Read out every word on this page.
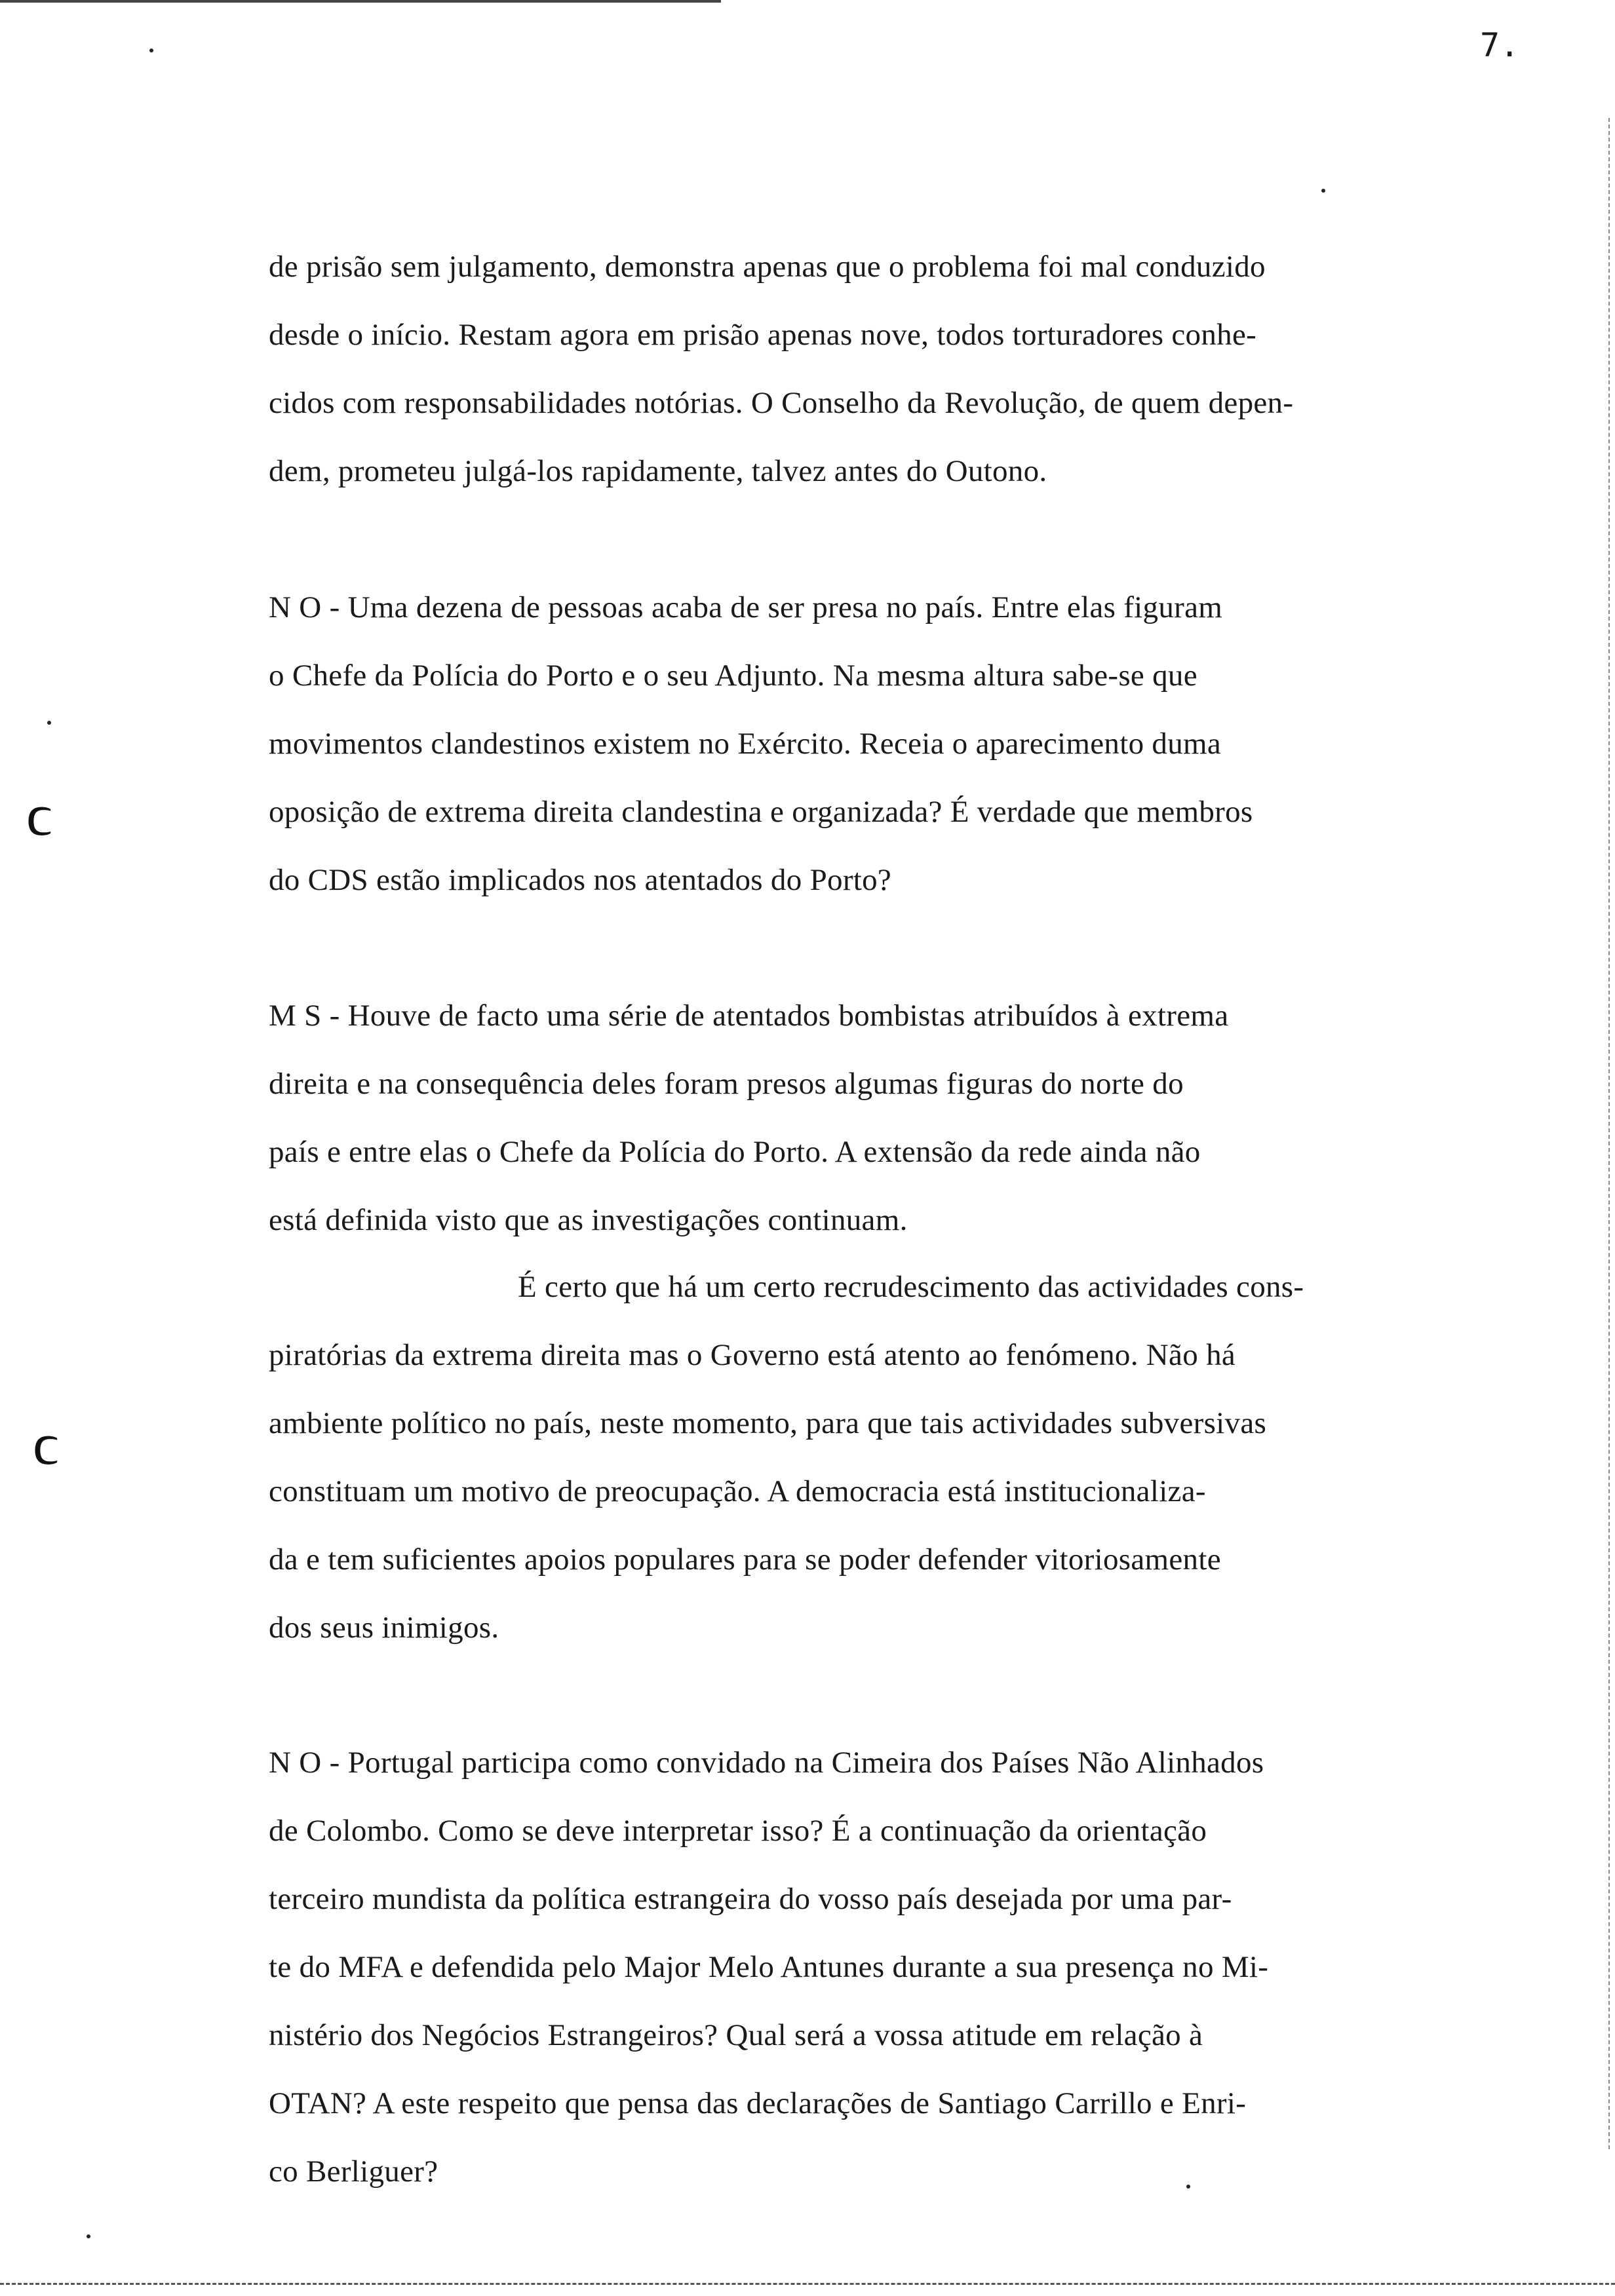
7.
ϲ
ϲ
de prisão sem julgamento, demonstra apenas que o problema foi mal conduzido
desde o início. Restam agora em prisão apenas nove, todos torturadores conhe-
cidos com responsabilidades notórias. O Conselho da Revolução, de quem depen-
dem, prometeu julgá-los rapidamente, talvez antes do Outono.
N O - Uma dezena de pessoas acaba de ser presa no país. Entre elas figuram
o Chefe da Polícia do Porto e o seu Adjunto. Na mesma altura sabe-se que
movimentos clandestinos existem no Exército. Receia o aparecimento duma
oposição de extrema direita clandestina e organizada? É verdade que membros
do CDS estão implicados nos atentados do Porto?
M S - Houve de facto uma série de atentados bombistas atribuídos à extrema
direita e na consequência deles foram presos algumas figuras do norte do
país e entre elas o Chefe da Polícia do Porto. A extensão da rede ainda não
está definida visto que as investigações continuam.
É certo que há um certo recrudescimento das actividades cons-
piratórias da extrema direita mas o Governo está atento ao fenómeno. Não há
ambiente político no país, neste momento, para que tais actividades subversivas
constituam um motivo de preocupação. A democracia está institucionaliza-
da e tem suficientes apoios populares para se poder defender vitoriosamente
dos seus inimigos.
N O - Portugal participa como convidado na Cimeira dos Países Não Alinhados
de Colombo. Como se deve interpretar isso? É a continuação da orientação
terceiro mundista da política estrangeira do vosso país desejada por uma par-
te do MFA e defendida pelo Major Melo Antunes durante a sua presença no Mi-
nistério dos Negócios Estrangeiros? Qual será a vossa atitude em relação à
OTAN? A este respeito que pensa das declarações de Santiago Carrillo e Enri-
co Berliguer?
